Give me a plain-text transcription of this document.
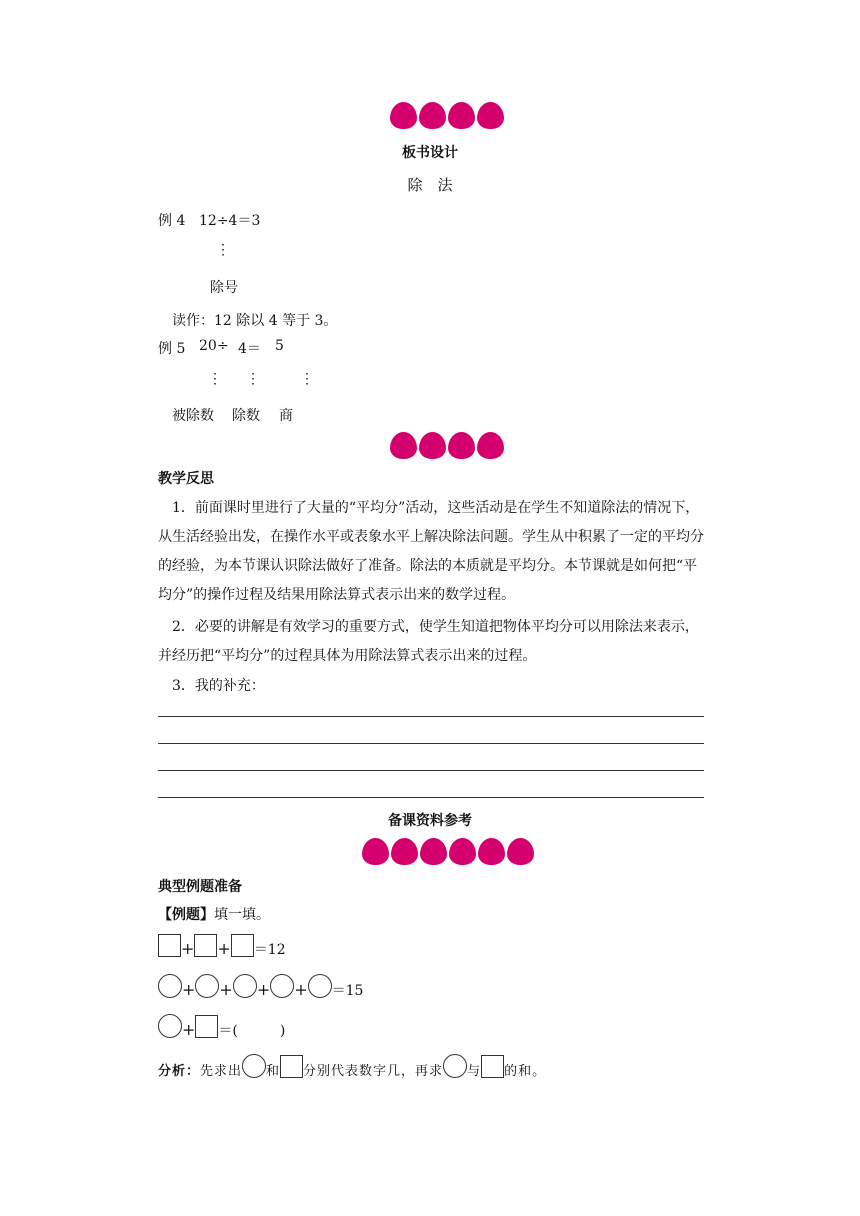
板书设计
除　法
例 4 12÷4＝3
⋮
除号
读作：12 除以 4 等于 3。
例 5 20÷ 4＝ 5
⋮ ⋮	⋮
被除数 除数 商
教学反思
1．前面课时里进行了大量的“平均分”活动，这些活动是在学生不知道除法的情况下，从生活经验出发，在操作水平或表象水平上解决除法问题。学生从中积累了一定的平均分的经验，为本节课认识除法做好了准备。除法的本质就是平均分。本节课就是如何把“平均分”的操作过程及结果用除法算式表示出来的数学过程。
2．必要的讲解是有效学习的重要方式，使学生知道把物体平均分可以用除法来表示，并经历把“平均分”的过程具体为用除法算式表示出来的过程。
3．我的补充：
备课资料参考
典型例题准备
【例题】填一填。
+ + ＝12
+ + + + ＝15
+ ＝(　　　)
分析：先求出 和 分别代表数字几，再求 与 的和。
